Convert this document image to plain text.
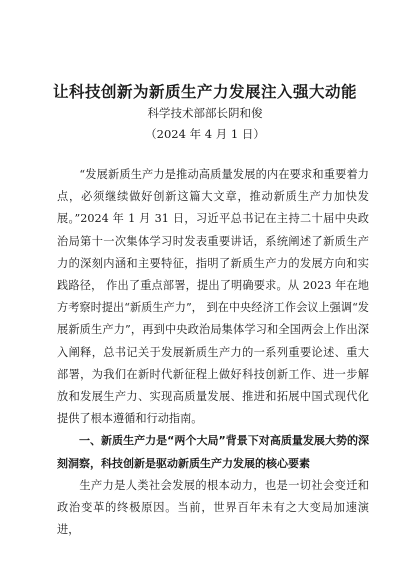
让科技创新为新质生产力发展注入强大动能
科学技术部部长阴和俊
（2024 年 4 月 1 日）

“发展新质生产力是推动高质量发展的内在要求和重要着力点，必须继续做好创新这篇大文章，推动新质生产力加快发展。”2024 年 1 月 31 日，习近平总书记在主持二十届中央政治局第十一次集体学习时发表重要讲话，系统阐述了新质生产力的深刻内涵和主要特征，指明了新质生产力的发展方向和实践路径， 作出了重点部署，提出了明确要求。从 2023 年在地方考察时提出“新质生产力”， 到在中央经济工作会议上强调“发展新质生产力”，再到中央政治局集体学习和全国两会上作出深入阐释，总书记关于发展新质生产力的一系列重要论述、重大部署，为我们在新时代新征程上做好科技创新工作、进一步解放和发展生产力、实现高质量发展、推进和拓展中国式现代化提供了根本遵循和行动指南。

一、新质生产力是“两个大局”背景下对高质量发展大势的深刻洞察，科技创新是驱动新质生产力发展的核心要素

生产力是人类社会发展的根本动力，也是一切社会变迁和政治变革的终极原因。当前，世界百年未有之大变局加速演进，
